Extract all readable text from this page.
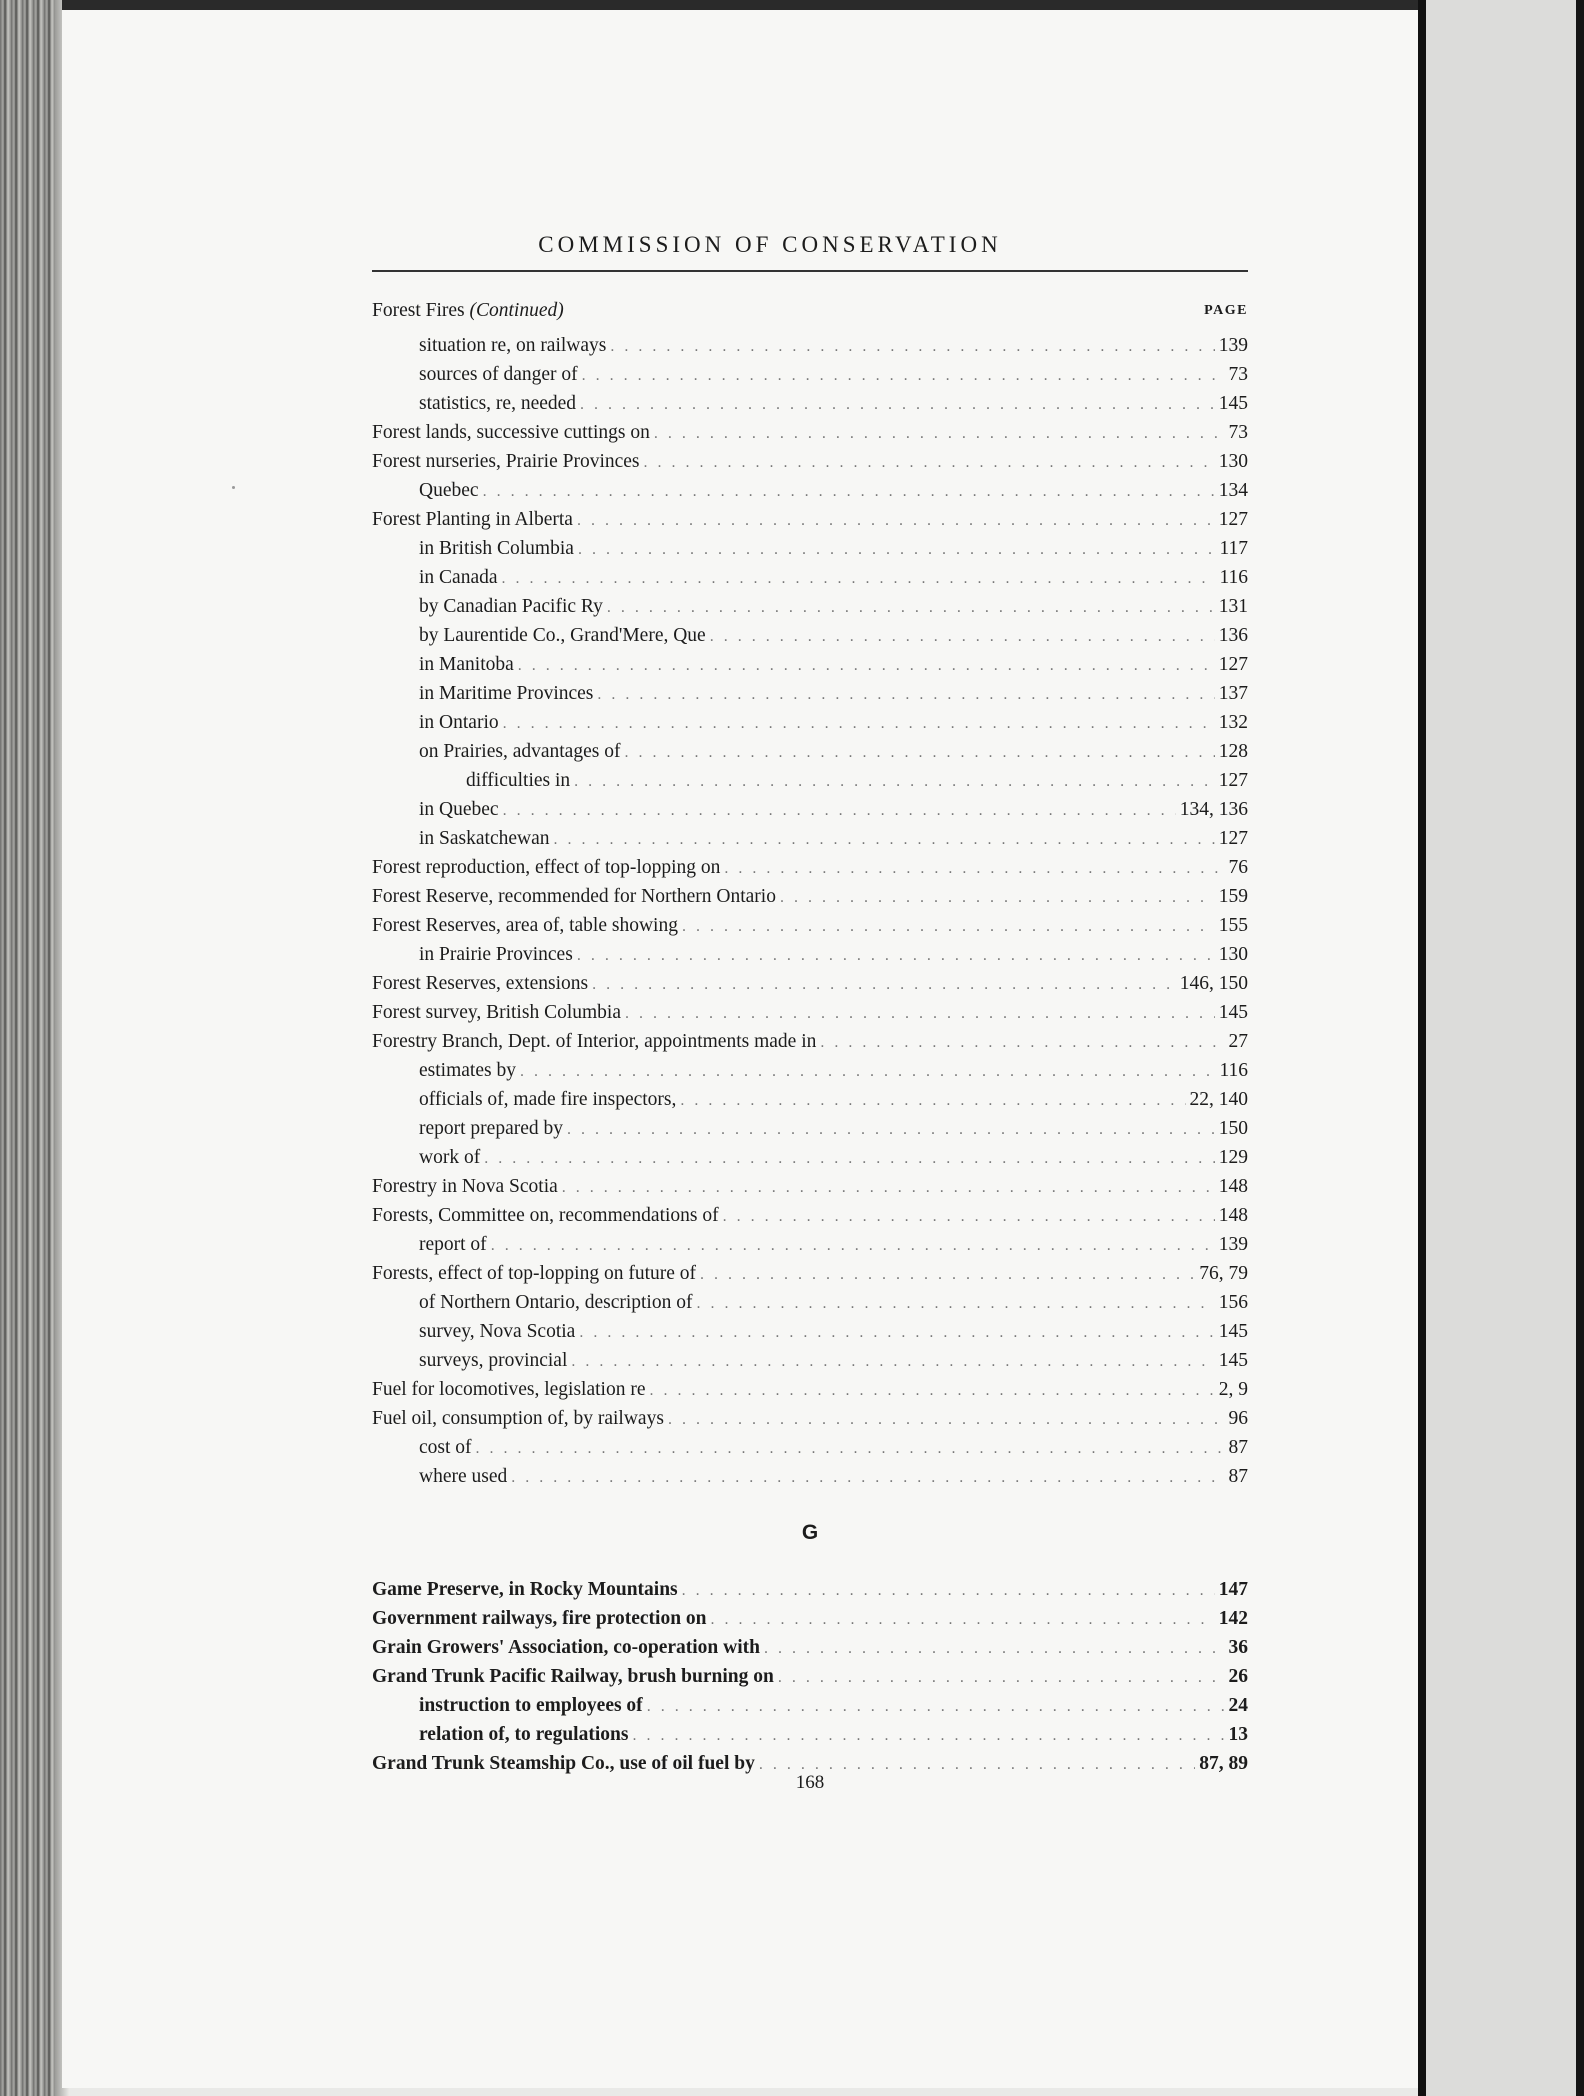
COMMISSION OF CONSERVATION
Forest Fires (Continued)	PAGE
situation re, on railways . . .	139
sources of danger of . . .	73
statistics, re, needed . . .	145
Forest lands, successive cuttings on . . .	73
Forest nurseries, Prairie Provinces . . .	130
Quebec . . .	134
Forest Planting in Alberta . . .	127
in British Columbia . . .	117
in Canada . . .	116
by Canadian Pacific Ry . . .	131
by Laurentide Co., Grand'Mere, Que . . .	136
in Manitoba . . .	127
in Maritime Provinces . . .	137
in Ontario . . .	132
on Prairies, advantages of . . .	128
difficulties in . . .	127
in Quebec . . .	134, 136
in Saskatchewan . . .	127
Forest reproduction, effect of top-lopping on . . .	76
Forest Reserve, recommended for Northern Ontario . . .	159
Forest Reserves, area of, table showing . . .	155
in Prairie Provinces . . .	130
Forest Reserves, extensions . . .	146, 150
Forest survey, British Columbia . . .	145
Forestry Branch, Dept. of Interior, appointments made in . . .	27
estimates by . . .	116
officials of, made fire inspectors, . . .	22, 140
report prepared by . . .	150
work of . . .	129
Forestry in Nova Scotia . . .	148
Forests, Committee on, recommendations of . . .	148
report of . . .	139
Forests, effect of top-lopping on future of . . .	76, 79
of Northern Ontario, description of . . .	156
survey, Nova Scotia . . .	145
surveys, provincial . . .	145
Fuel for locomotives, legislation re . . .	2, 9
Fuel oil, consumption of, by railways . . .	96
cost of . . .	87
where used . . .	87
G
Game Preserve, in Rocky Mountains . . .	147
Government railways, fire protection on . . .	142
Grain Growers' Association, co-operation with . . .	36
Grand Trunk Pacific Railway, brush burning on . . .	26
instruction to employees of . . .	24
relation of, to regulations . . .	13
Grand Trunk Steamship Co., use of oil fuel by . . .	87, 89
168
